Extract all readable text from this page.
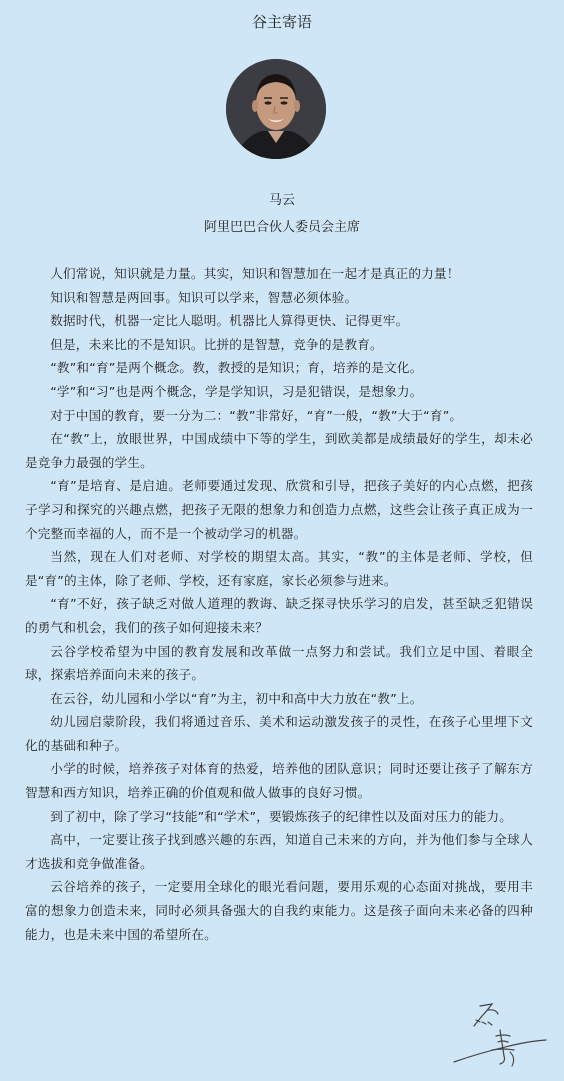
谷主寄语
马云
阿里巴巴合伙人委员会主席

人们常说，知识就是力量。其实，知识和智慧加在一起才是真正的力量！

知识和智慧是两回事。知识可以学来，智慧必须体验。

数据时代，机器一定比人聪明。机器比人算得更快、记得更牢。

但是，未来比的不是知识。比拼的是智慧，竞争的是教育。

“教”和“育”是两个概念。教，教授的是知识；育，培养的是文化。

“学”和“习”也是两个概念，学是学知识，习是犯错误，是想象力。

对于中国的教育，要一分为二：“教”非常好，“育”一般，“教”大于“育”。

在“教”上，放眼世界，中国成绩中下等的学生，到欧美都是成绩最好的学生，却未必是竞争力最强的学生。

“育”是培育、是启迪。老师要通过发现、欣赏和引导，把孩子美好的内心点燃，把孩子学习和探究的兴趣点燃，把孩子无限的想象力和创造力点燃，这些会让孩子真正成为一个完整而幸福的人，而不是一个被动学习的机器。

当然，现在人们对老师、对学校的期望太高。其实，“教”的主体是老师、学校，但是“育”的主体，除了老师、学校，还有家庭，家长必须参与进来。

“育”不好，孩子缺乏对做人道理的教诲、缺乏探寻快乐学习的启发，甚至缺乏犯错误的勇气和机会，我们的孩子如何迎接未来？

云谷学校希望为中国的教育发展和改革做一点努力和尝试。我们立足中国、着眼全球，探索培养面向未来的孩子。

在云谷，幼儿园和小学以“育”为主，初中和高中大力放在“教”上。

幼儿园启蒙阶段，我们将通过音乐、美术和运动激发孩子的灵性，在孩子心里埋下文化的基础和种子。

小学的时候，培养孩子对体育的热爱，培养他的团队意识；同时还要让孩子了解东方智慧和西方知识，培养正确的价值观和做人做事的良好习惯。

到了初中，除了学习“技能”和“学术”，要锻炼孩子的纪律性以及面对压力的能力。

高中，一定要让孩子找到感兴趣的东西，知道自己未来的方向，并为他们参与全球人才选拔和竞争做准备。

云谷培养的孩子，一定要用全球化的眼光看问题，要用乐观的心态面对挑战，要用丰富的想象力创造未来，同时必须具备强大的自我约束能力。这是孩子面向未来必备的四种能力，也是未来中国的希望所在。
